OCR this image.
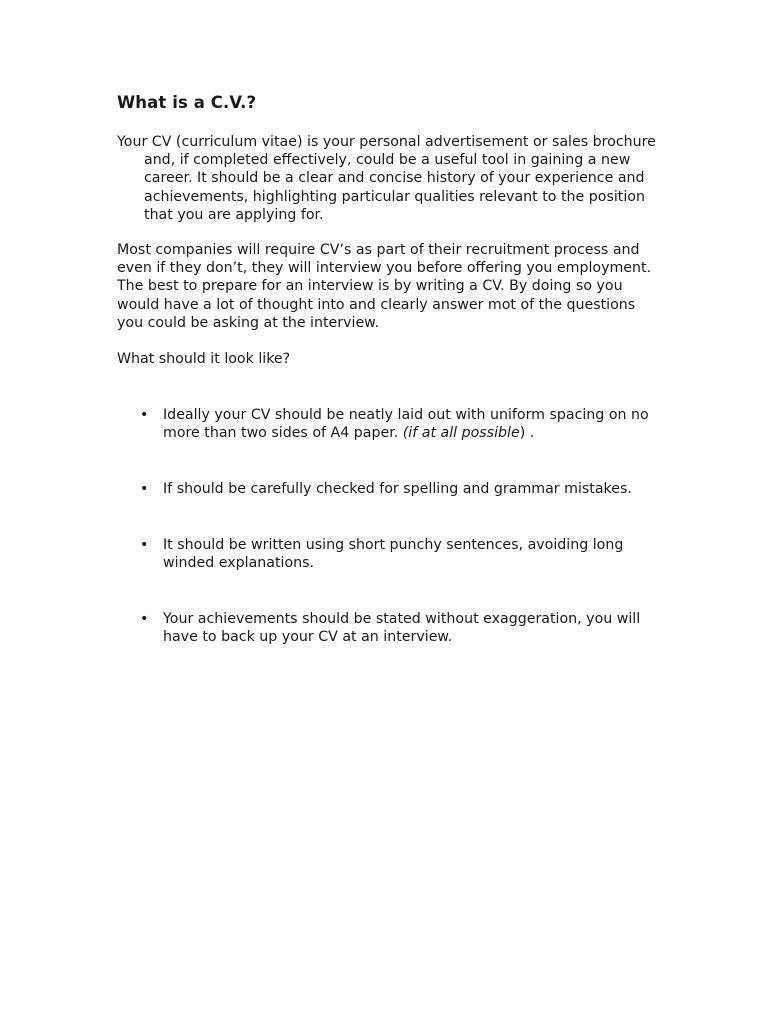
What is a C.V.?

Your CV (curriculum vitae) is your personal advertisement or sales brochure and, if completed effectively, could be a useful tool in gaining a new career. It should be a clear and concise history of your experience and achievements, highlighting particular qualities relevant to the position that you are applying for.

Most companies will require CV’s as part of their recruitment process and even if they don’t, they will interview you before offering you employment.

The best to prepare for an interview is by writing a CV. By doing so you would have a lot of thought into and clearly answer mot of the questions you could be asking at the interview.

What should it look like?

• Ideally your CV should be neatly laid out with uniform spacing on no more than two sides of A4 paper. (if at all possible) .
• If should be carefully checked for spelling and grammar mistakes.
• It should be written using short punchy sentences, avoiding long winded explanations.
• Your achievements should be stated without exaggeration, you will have to back up your CV at an interview.
